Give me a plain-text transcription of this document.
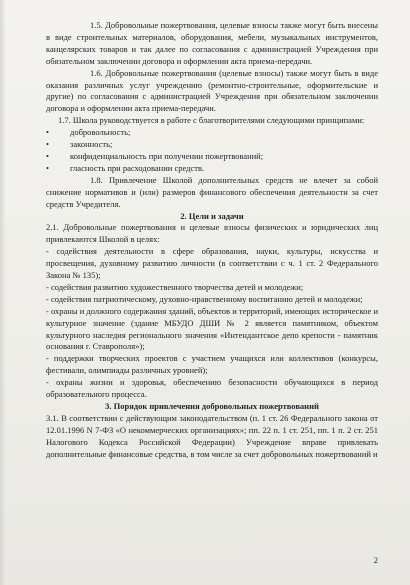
1.5. Добровольные пожертвования, целевые взносы также могут быть внесены в виде строительных материалов, оборудования, мебели, музыкальных инструментов, канцелярских товаров и так далее по согласования с администрацией Учреждения при обязательном заключении договора и оформлении акта приема-передачи.

1.6. Добровольные пожертвования (целевые взносы) также могут быть в виде оказания различных услуг учреждению (ремонтно-строительные, оформительские и другие) по согласования с администрацией Учреждения при обязательном заключении договора и оформлении акта приема-передачи.

1.7. Школа руководствуется в работе с благотворителями следующими принципами:

• добровольность;
• законность;
• конфиденциальность при получении пожертвований;
• гласность при расходовании средств.

1.8. Привлечение Школой дополнительных средств не влечет за собой снижение нормативов и (или) размеров финансового обеспечения деятельности за счет средств Учредителя.

2. Цели и задачи

2.1. Добровольные пожертвования и целевые взносы физических и юридических лиц привлекаются Школой в целях:

- содействия деятельности в сфере образования, науки, культуры, искусства и просвещения, духовному развитию личности (в соответствии с ч. 1 ст. 2 Федерального Закона № 135);

- содействия развитию художественного творчества детей и молодежи;

- содействия патриотическому, духовно-нравственному воспитанию детей и молодежи;

- охраны и должного содержания зданий, объектов и территорий, имеющих историческое и культурное значение (здание МБУДО ДШИ № 2 является памятником, объектом культурного наследия регионального значения «Интендантское депо крепости - памятник основания г. Ставрополя»);

- поддержки творческих проектов с участием учащихся или коллективов (конкурсы, фестивали, олимпиады различных уровней);

- охраны жизни и здоровья, обеспечению безопасности обучающихся в период образовательного процесса.

3. Порядок привлечения добровольных пожертвований

3.1. В соответствии с действующим законодательством (п. 1 ст. 26 Федерального закона от 12.01.1996 N 7-ФЗ «О некоммерческих организациях»; пп. 22 п. 1 ст. 251, пп. 1 п. 2 ст. 251 Налогового Кодекса Российской Федерации) Учреждение вправе привлекать дополнительные финансовые средства, в том числе за счет добровольных пожертвований и

2
